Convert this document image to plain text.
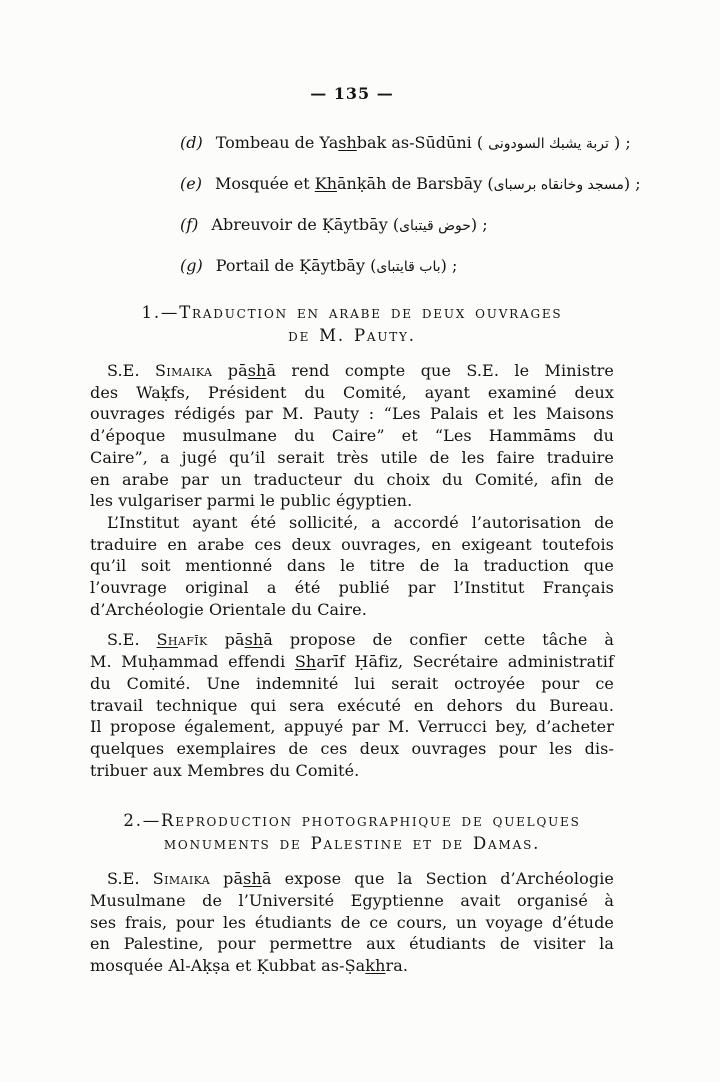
— 135 —
(d) Tombeau de Yashbak as-Sūdūni ( تربة يشبك السودونى ) ;
(e) Mosquée et Khānḳāh de Barsbāy (مسجد وخانقاه برسباى) ;
(f) Abreuvoir de Ḳāytbāy (حوض قيتباى) ;
(g) Portail de Ḳāytbāy (باب قايتباى) ;
1.—Traduction en arabe de deux ouvrages
de M. Pauty.
S.E. Simaika pāshā rend compte que S.E. le Ministre
des Waḳfs, Président du Comité, ayant examiné deux
ouvrages rédigés par M. Pauty : “Les Palais et les Maisons
d’époque musulmane du Caire” et “Les Hammāms du
Caire”, a jugé qu’il serait très utile de les faire traduire
en arabe par un traducteur du choix du Comité, afin de
les vulgariser parmi le public égyptien.
L’Institut ayant été sollicité, a accordé l’autorisation de
traduire en arabe ces deux ouvrages, en exigeant toutefois
qu’il soit mentionné dans le titre de la traduction que
l’ouvrage original a été publié par l’Institut Français
d’Archéologie Orientale du Caire.
S.E. Shafīk pāshā propose de confier cette tâche à
M. Muḥammad effendi Sharīf Ḥāfiz, Secrétaire administratif
du Comité. Une indemnité lui serait octroyée pour ce
travail technique qui sera exécuté en dehors du Bureau.
Il propose également, appuyé par M. Verrucci bey, d’acheter
quelques exemplaires de ces deux ouvrages pour les dis-
tribuer aux Membres du Comité.
2.—Reproduction photographique de quelques
monuments de Palestine et de Damas.
S.E. Simaika pāshā expose que la Section d’Archéologie
Musulmane de l’Université Egyptienne avait organisé à
ses frais, pour les étudiants de ce cours, un voyage d’étude
en Palestine, pour permettre aux étudiants de visiter la
mosquée Al-Aḳṣa et Ḳubbat as-Ṣakhra.
